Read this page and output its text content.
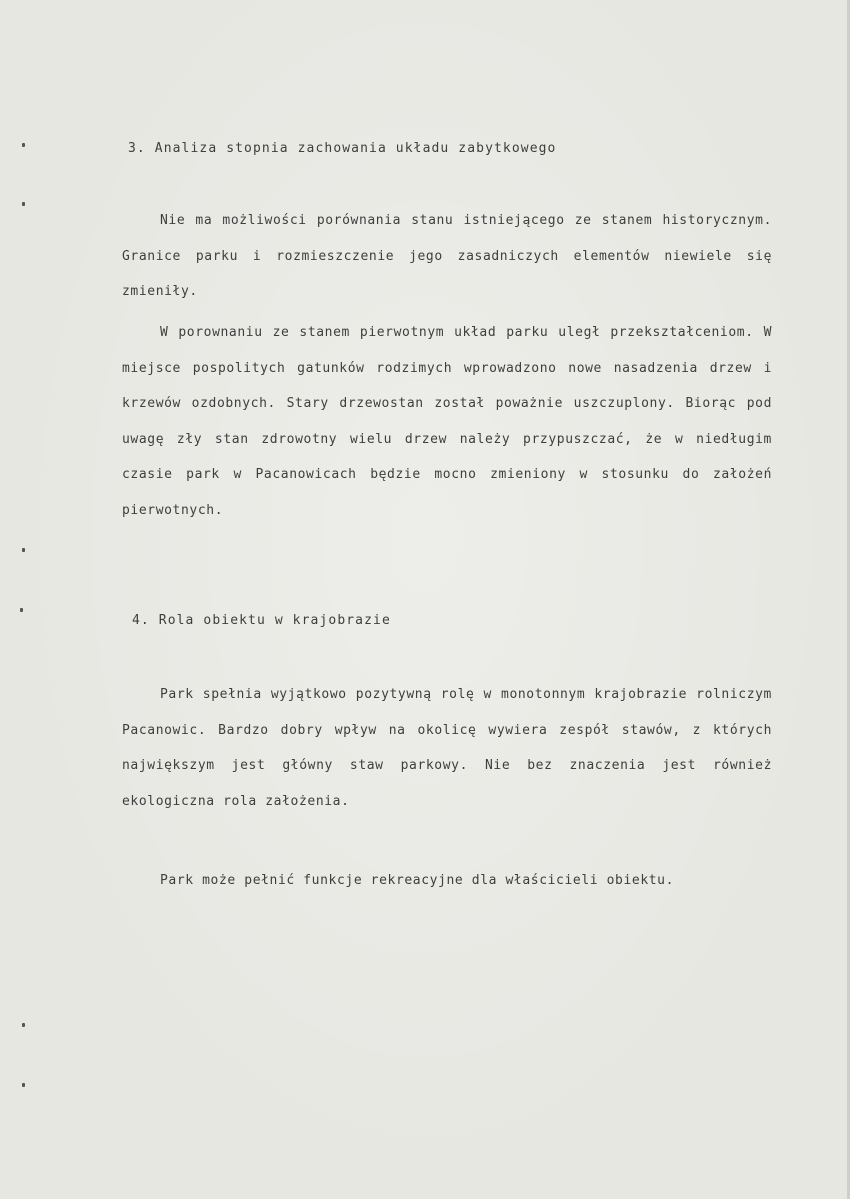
3. Analiza stopnia zachowania układu zabytkowego

Nie ma możliwości porównania stanu istniejącego ze stanem historycznym. Granice parku i rozmieszczenie jego zasadniczych elementów niewiele się zmieniły.

W porownaniu ze stanem pierwotnym układ parku uległ przekształceniom. W miejsce pospolitych gatunków rodzimych wprowadzono nowe nasadzenia drzew i krzewów ozdobnych. Stary drzewostan został poważnie uszczuplony. Biorąc pod uwagę zły stan zdrowotny wielu drzew należy przypuszczać, że w niedługim czasie park w Pacanowicach będzie mocno zmieniony w stosunku do założeń pierwotnych.

4. Rola obiektu w krajobrazie

Park spełnia wyjątkowo pozytywną rolę w monotonnym krajobrazie rolniczym Pacanowic. Bardzo dobry wpływ na okolicę wywiera zespół stawów, z których największym jest główny staw parkowy. Nie bez znaczenia jest również ekologiczna rola założenia.

Park może pełnić funkcje rekreacyjne dla właścicieli obiektu.
